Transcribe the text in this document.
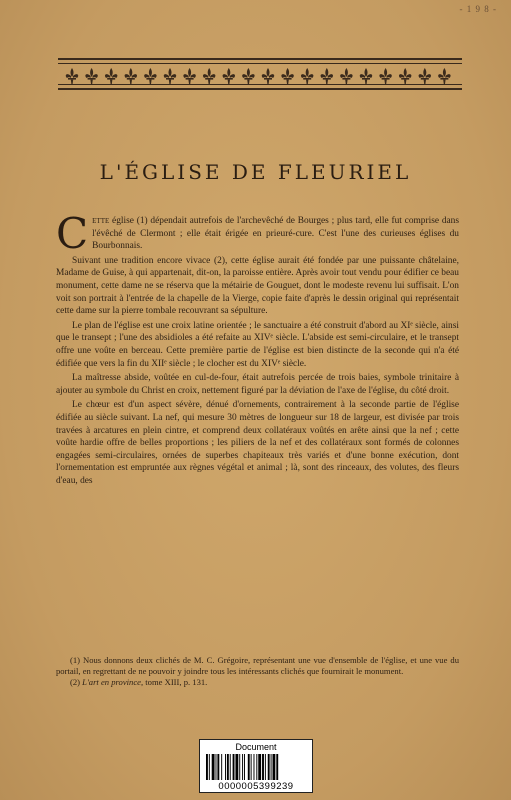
- 1 9 8 -
L'ÉGLISE DE FLEURIEL

Cette église (1) dépendait autrefois de l'archevêché de Bourges ; plus tard, elle fut comprise dans l'évêché de Clermont ; elle était érigée en prieuré-cure. C'est l'une des curieuses églises du Bourbonnais.

Suivant une tradition encore vivace (2), cette église aurait été fondée par une puissante châtelaine, Madame de Guise, à qui appartenait, dit-on, la paroisse entière. Après avoir tout vendu pour édifier ce beau monument, cette dame ne se réserva que la métairie de Gouguet, dont le modeste revenu lui suffisait. L'on voit son portrait à l'entrée de la chapelle de la Vierge, copie faite d'après le dessin original qui représentait cette dame sur la pierre tombale recouvrant sa sépulture.

Le plan de l'église est une croix latine orientée ; le sanctuaire a été construit d'abord au XIᵉ siècle, ainsi que le transept ; l'une des absidioles a été refaite au XIVᵉ siècle. L'abside est semi-circulaire, et le transept offre une voûte en berceau. Cette première partie de l'église est bien distincte de la seconde qui n'a été édifiée que vers la fin du XIIᵉ siècle ; le clocher est du XIVᵉ siècle.

La maîtresse abside, voûtée en cul-de-four, était autrefois percée de trois baies, symbole trinitaire à ajouter au symbole du Christ en croix, nettement figuré par la déviation de l'axe de l'église, du côté droit.

Le chœur est d'un aspect sévère, dénué d'ornements, contrairement à la seconde partie de l'église édifiée au siècle suivant. La nef, qui mesure 30 mètres de longueur sur 18 de largeur, est divisée par trois travées à arcatures en plein cintre, et comprend deux collatéraux voûtés en arête ainsi que la nef ; cette voûte hardie offre de belles proportions ; les piliers de la nef et des collatéraux sont formés de colonnes engagées semi-circulaires, ornées de superbes chapiteaux très variés et d'une bonne exécution, dont l'ornementation est empruntée aux règnes végétal et animal ; là, sont des rinceaux, des volutes, des fleurs d'eau, des

(1) Nous donnons deux clichés de M. C. Grégoire, représentant une vue d'ensemble de l'église, et une vue du portail, en regrettant de ne pouvoir y joindre tous les intéressants clichés que fournirait le monument.

(2) L'art en province, tome XIII, p. 131.

Document
0000005399239
